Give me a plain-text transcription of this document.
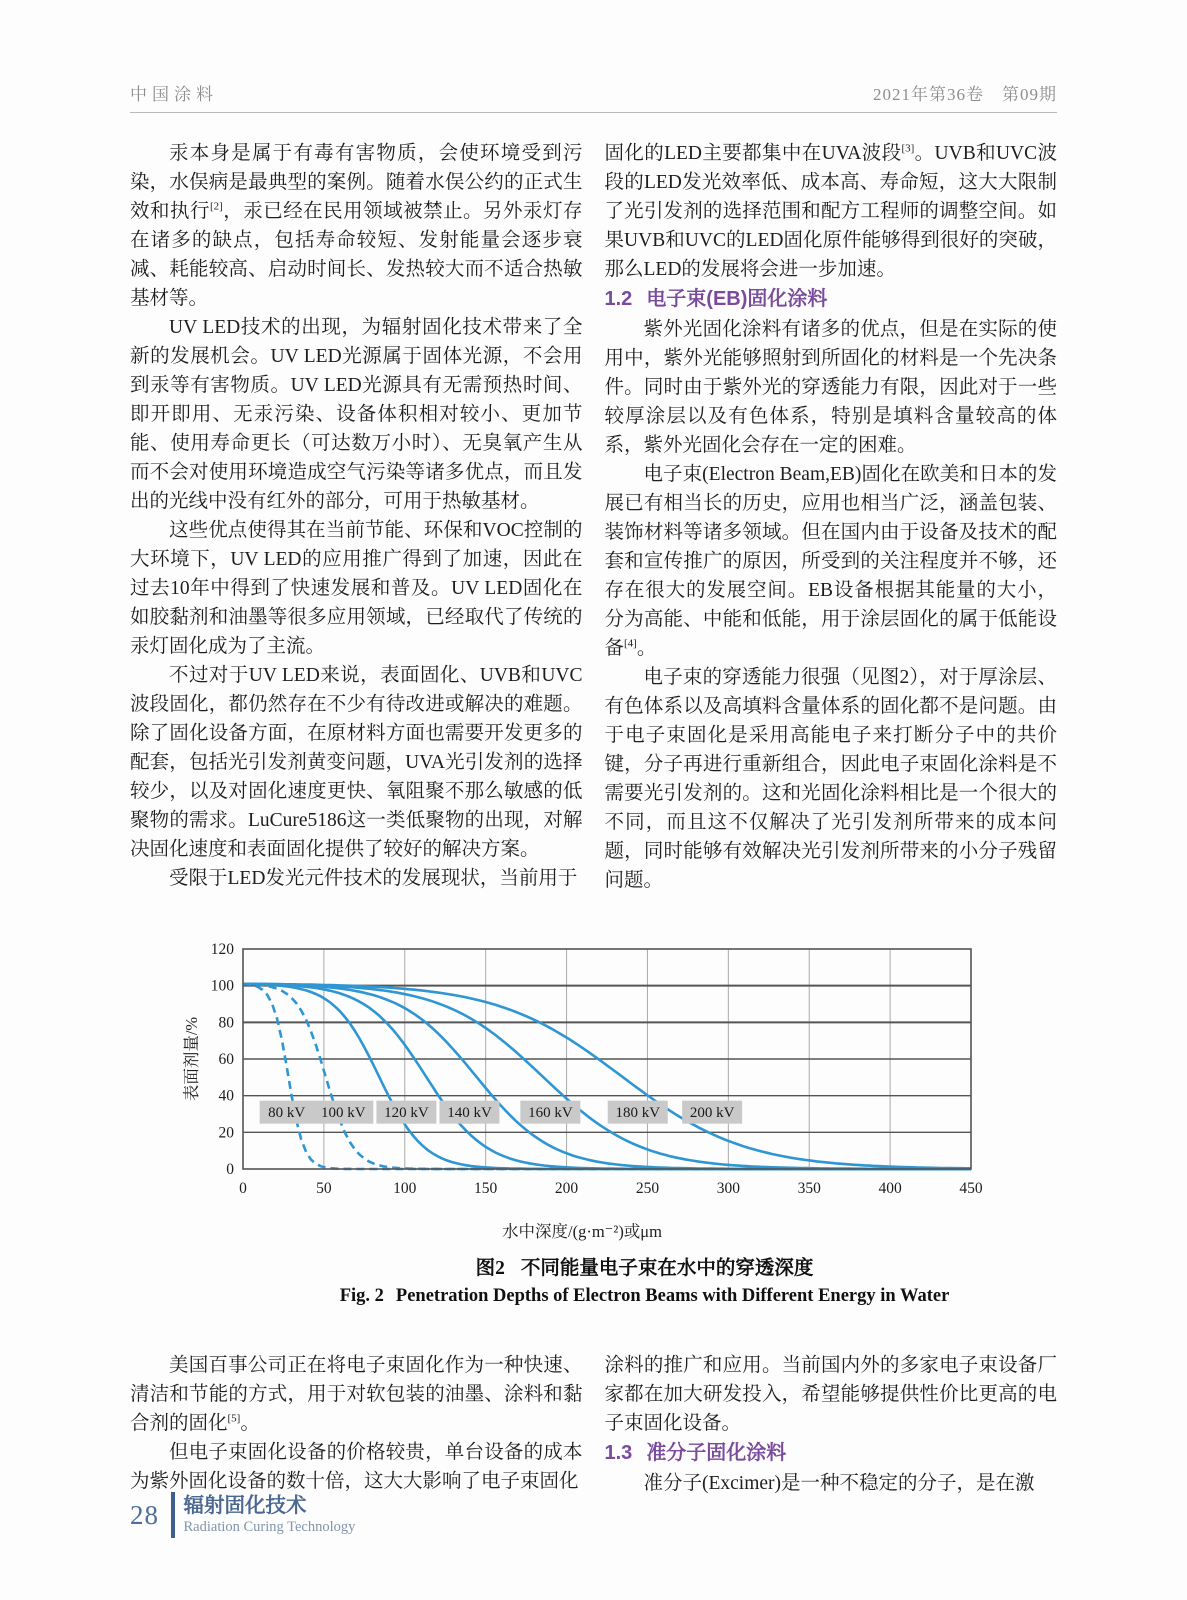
中国涂料	2021年第36卷　第09期

汞本身是属于有毒有害物质，会使环境受到污染，水俣病是最典型的案例。随着水俣公约的正式生效和执行[2]，汞已经在民用领域被禁止。另外汞灯存在诸多的缺点，包括寿命较短、发射能量会逐步衰减、耗能较高、启动时间长、发热较大而不适合热敏基材等。

UV LED技术的出现，为辐射固化技术带来了全新的发展机会。UV LED光源属于固体光源，不会用到汞等有害物质。UV LED光源具有无需预热时间、即开即用、无汞污染、设备体积相对较小、更加节能、使用寿命更长（可达数万小时）、无臭氧产生从而不会对使用环境造成空气污染等诸多优点，而且发出的光线中没有红外的部分，可用于热敏基材。

这些优点使得其在当前节能、环保和VOC控制的大环境下，UV LED的应用推广得到了加速，因此在过去10年中得到了快速发展和普及。UV LED固化在如胶黏剂和油墨等很多应用领域，已经取代了传统的汞灯固化成为了主流。

不过对于UV LED来说，表面固化、UVB和UVC波段固化，都仍然存在不少有待改进或解决的难题。除了固化设备方面，在原材料方面也需要开发更多的配套，包括光引发剂黄变问题，UVA光引发剂的选择较少，以及对固化速度更快、氧阻聚不那么敏感的低聚物的需求。LuCure5186这一类低聚物的出现，对解决固化速度和表面固化提供了较好的解决方案。

受限于LED发光元件技术的发展现状，当前用于

固化的LED主要都集中在UVA波段[3]。UVB和UVC波段的LED发光效率低、成本高、寿命短，这大大限制了光引发剂的选择范围和配方工程师的调整空间。如果UVB和UVC的LED固化原件能够得到很好的突破，那么LED的发展将会进一步加速。

1.2 电子束(EB)固化涂料

紫外光固化涂料有诸多的优点，但是在实际的使用中，紫外光能够照射到所固化的材料是一个先决条件。同时由于紫外光的穿透能力有限，因此对于一些较厚涂层以及有色体系，特别是填料含量较高的体系，紫外光固化会存在一定的困难。

电子束(Electron Beam,EB)固化在欧美和日本的发展已有相当长的历史，应用也相当广泛，涵盖包装、装饰材料等诸多领域。但在国内由于设备及技术的配套和宣传推广的原因，所受到的关注程度并不够，还存在很大的发展空间。EB设备根据其能量的大小，分为高能、中能和低能，用于涂层固化的属于低能设备[4]。

电子束的穿透能力很强（见图2），对于厚涂层、有色体系以及高填料含量体系的固化都不是问题。由于电子束固化是采用高能电子来打断分子中的共价键，分子再进行重新组合，因此电子束固化涂料是不需要光引发剂的。这和光固化涂料相比是一个很大的不同，而且这不仅解决了光引发剂所带来的成本问题，同时能够有效解决光引发剂所带来的小分子残留问题。

80 kV 100 kV 120 kV 140 kV 160 kV	180 kV 200 kV
0	50	100	150	200	250	300	350	400	450
0
20
40
60
80
100
120
表面剂量/%
水中深度/(g·m⁻²)或μm
图2 不同能量电子束在水中的穿透深度
Fig. 2 Penetration Depths of Electron Beams with Different Energy in Water

美国百事公司正在将电子束固化作为一种快速、清洁和节能的方式，用于对软包装的油墨、涂料和黏合剂的固化[5]。

但电子束固化设备的价格较贵，单台设备的成本为紫外固化设备的数十倍，这大大影响了电子束固化

涂料的推广和应用。当前国内外的多家电子束设备厂家都在加大研发投入，希望能够提供性价比更高的电子束固化设备。

1.3 准分子固化涂料

准分子(Excimer)是一种不稳定的分子，是在激

28 辐射固化技术
Radiation Curing Technology
